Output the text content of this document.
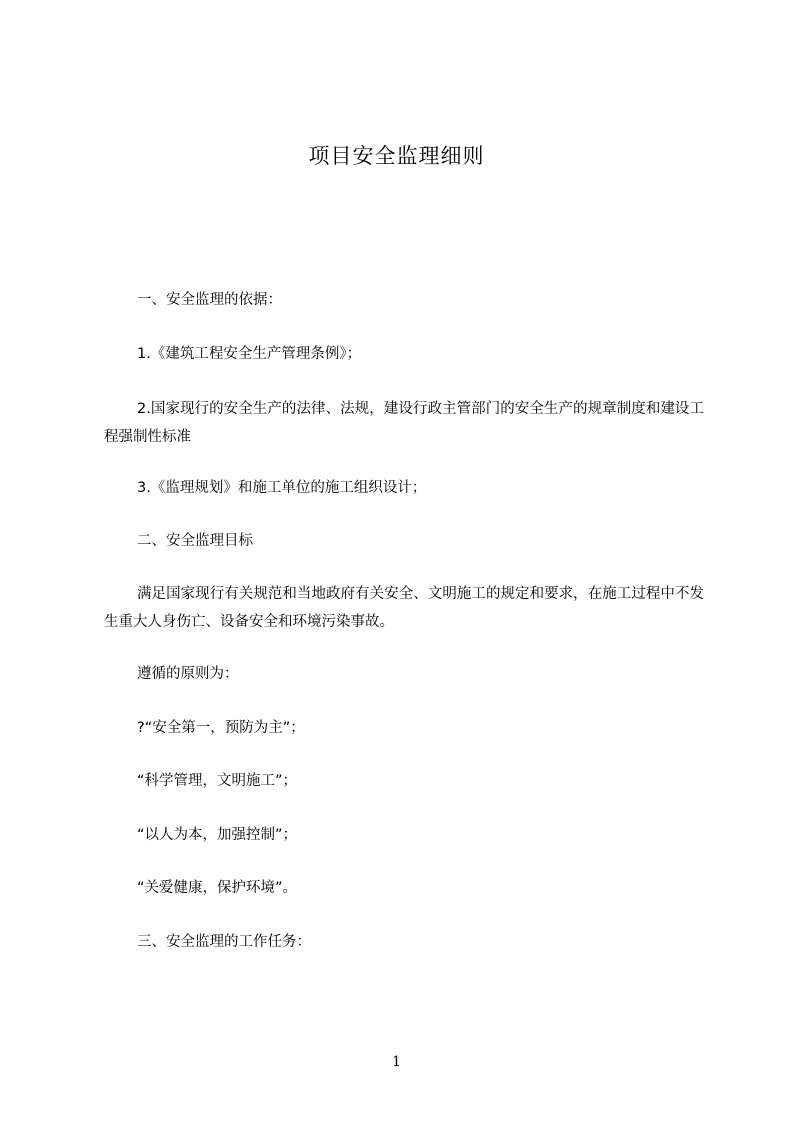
项目安全监理细则
一、安全监理的依据：
1.《建筑工程安全生产管理条例》；
2.国家现行的安全生产的法律、法规，建设行政主管部门的安全生产的规章制度和建设工程强制性标准
3.《监理规划》和施工单位的施工组织设计；
二、安全监理目标
满足国家现行有关规范和当地政府有关安全、文明施工的规定和要求，在施工过程中不发生重大人身伤亡、设备安全和环境污染事故。
遵循的原则为：
?“安全第一，预防为主”；
“科学管理，文明施工”；
“以人为本，加强控制”；
“关爱健康，保护环境”。
三、安全监理的工作任务：
1
